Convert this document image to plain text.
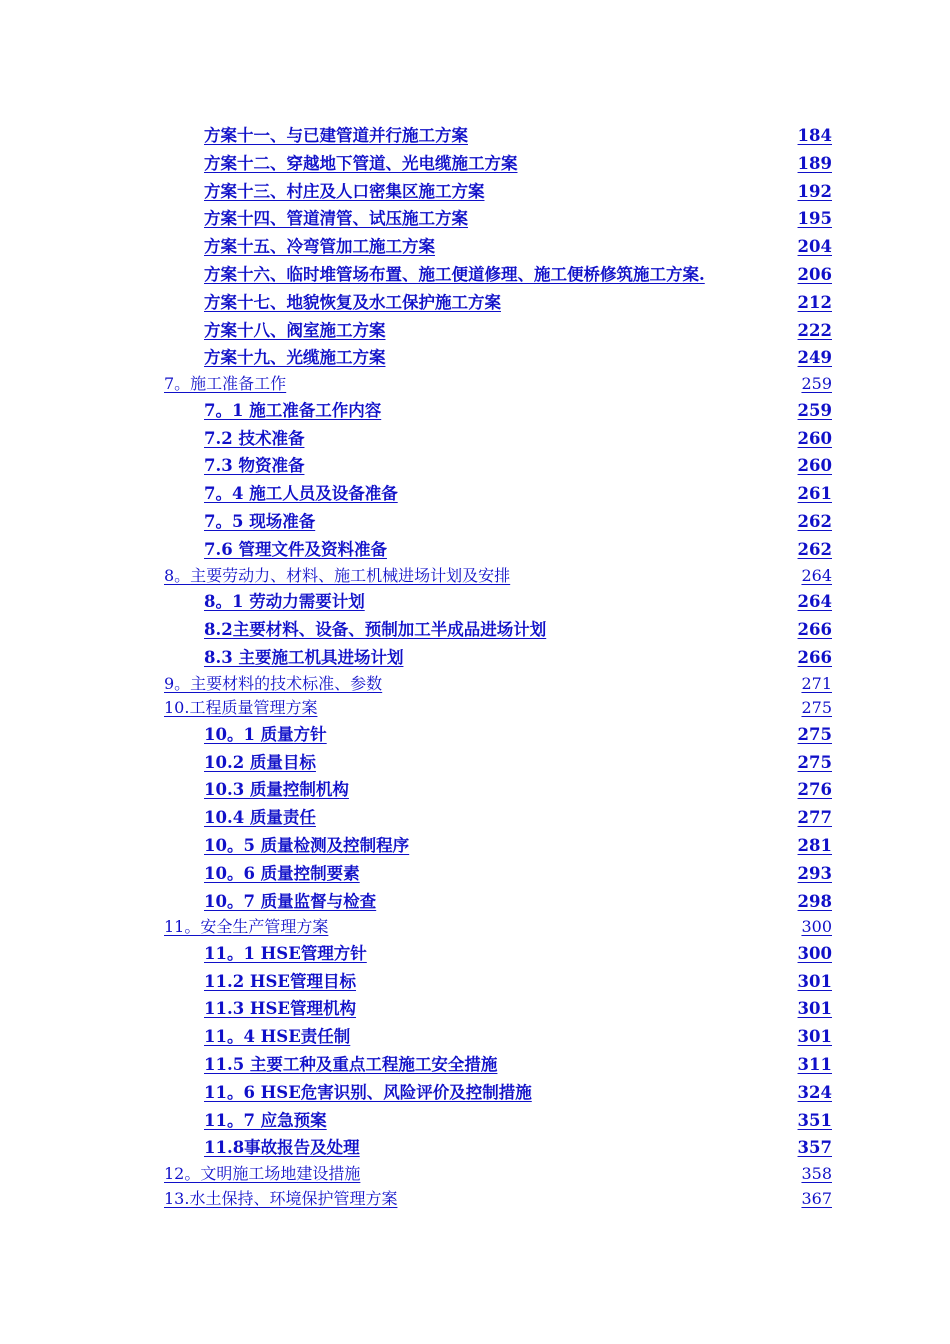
方案十一、与已建管道并行施工方案	184
方案十二、穿越地下管道、光电缆施工方案	189
方案十三、村庄及人口密集区施工方案	192
方案十四、管道清管、试压施工方案	195
方案十五、冷弯管加工施工方案	204
方案十六、临时堆管场布置、施工便道修理、施工便桥修筑施工方案.	206
方案十七、地貌恢复及水工保护施工方案	212
方案十八、阀室施工方案	222
方案十九、光缆施工方案	249
7。施工准备工作	259
7。1 施工准备工作内容	259
7.2 技术准备	260
7.3 物资准备	260
7。4 施工人员及设备准备	261
7。5 现场准备	262
7.6 管理文件及资料准备	262
8。主要劳动力、材料、施工机械进场计划及安排	264
8。1 劳动力需要计划	264
8.2主要材料、设备、预制加工半成品进场计划	266
8.3 主要施工机具进场计划	266
9。主要材料的技术标准、参数	271
10.工程质量管理方案	275
10。1 质量方针	275
10.2 质量目标	275
10.3 质量控制机构	276
10.4 质量责任	277
10。5 质量检测及控制程序	281
10。6 质量控制要素	293
10。7 质量监督与检查	298
11。安全生产管理方案	300
11。1 HSE管理方针	300
11.2 HSE管理目标	301
11.3 HSE管理机构	301
11。4 HSE责任制	301
11.5 主要工种及重点工程施工安全措施	311
11。6 HSE危害识别、风险评价及控制措施	324
11。7 应急预案	351
11.8事故报告及处理	357
12。文明施工场地建设措施	358
13.水土保持、环境保护管理方案	367
